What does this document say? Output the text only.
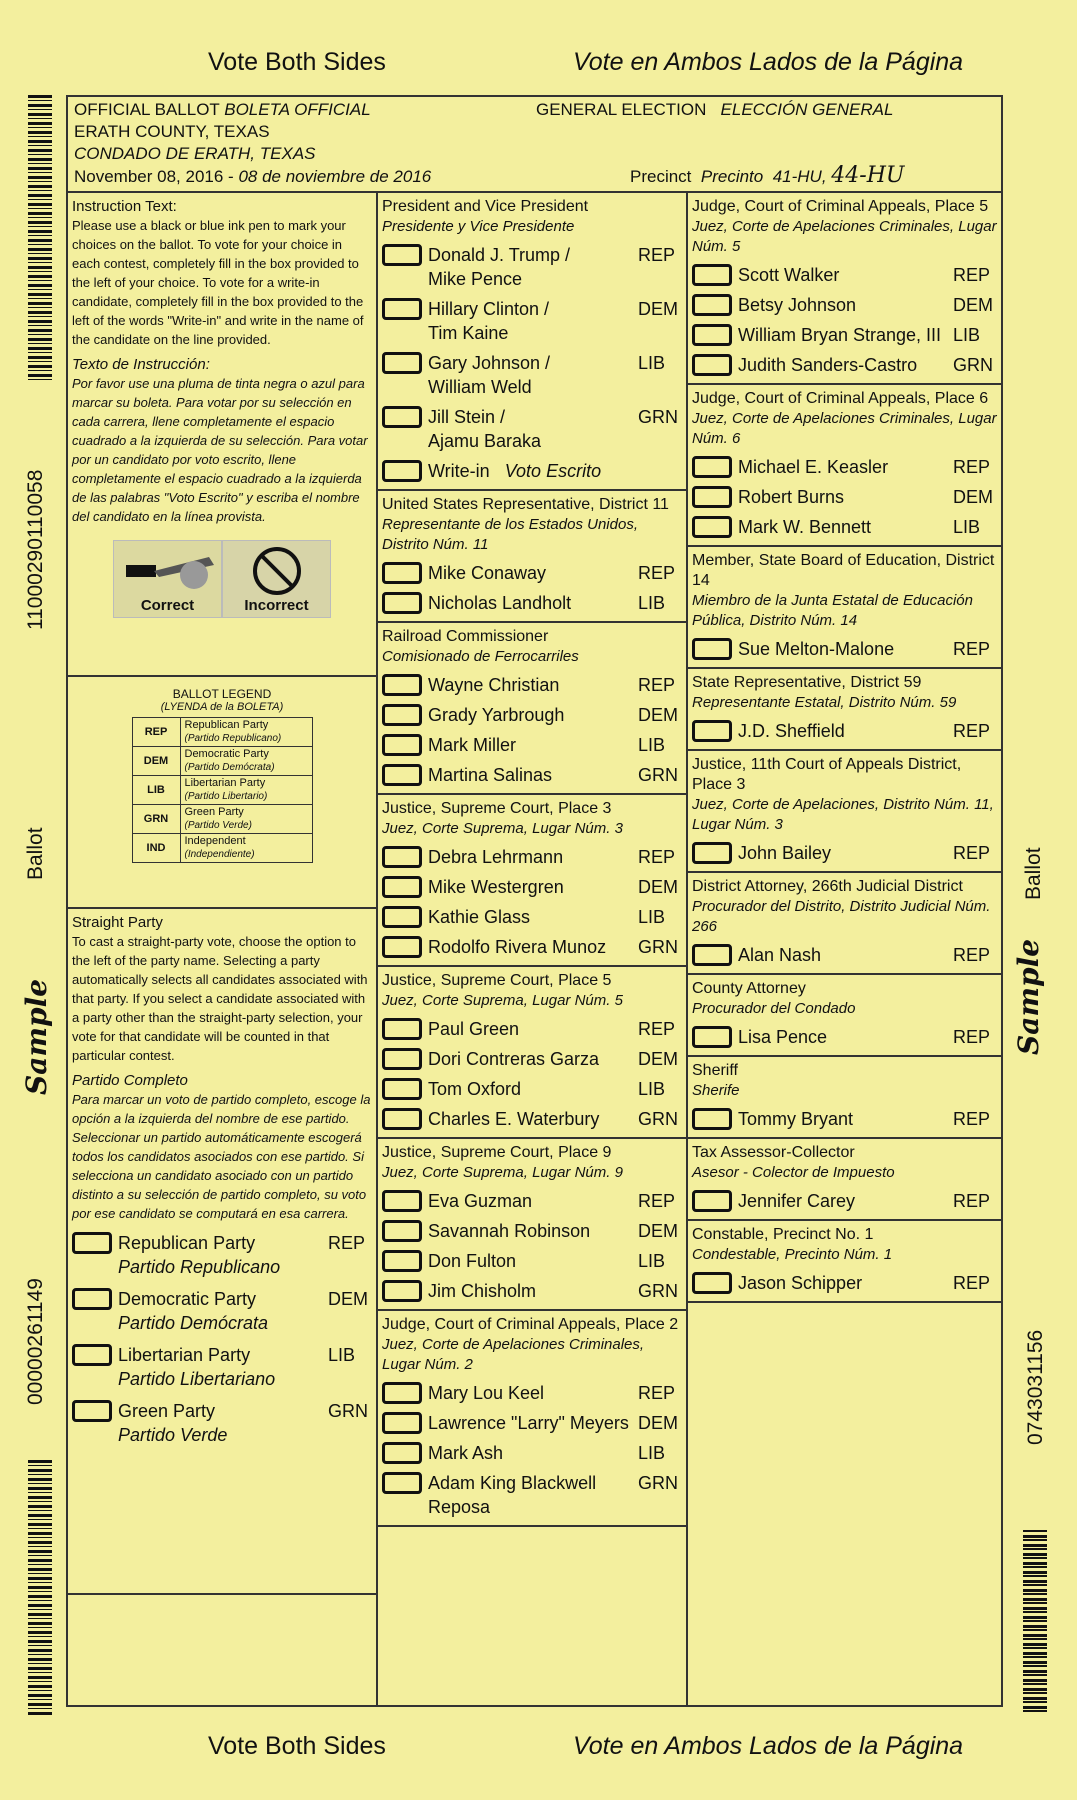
Vote Both Sides	Vote en Ambos Lados de la Página
11000290110058
Ballot
Sample
00000261149
Ballot
Sample
0743031156
OFFICIAL BALLOT BOLETA OFFICIAL	GENERAL ELECTION ELECCIÓN GENERAL
ERATH COUNTY, TEXAS
CONDADO DE ERATH, TEXAS
November 08, 2016 - 08 de noviembre de 2016	Precinct Precinto 41-HU, 44-HU
Instruction Text:
Please use a black or blue ink pen to mark your choices on the ballot. To vote for your choice in each contest, completely fill in the box provided to the left of your choice. To vote for a write-in candidate, completely fill in the box provided to the left of the words "Write-in" and write in the name of the candidate on the line provided.
Texto de Instrucción:
Por favor use una pluma de tinta negra o azul para marcar su boleta. Para votar por su selección en cada carrera, llene completamente el espacio cuadrado a la izquierda de su selección. Para votar por un candidato por voto escrito, llene completamente el espacio cuadrado a la izquierda de las palabras "Voto Escrito" y escriba el nombre del candidato en la línea provista.
Correct	Incorrect
BALLOT LEGEND
(LYENDA de la BOLETA)
REP	Republican Party
(Partido Republicano)

DEM	Democratic Party
(Partido Demócrata)

LIB	Libertarian Party
(Partido Libertario)

GRN	Green Party
(Partido Verde)

IND	Independent
(Independiente)
Straight Party
To cast a straight-party vote, choose the option to the left of the party name. Selecting a party automatically selects all candidates associated with that party. If you select a candidate associated with a party other than the straight-party selection, your vote for that candidate will be counted in that particular contest.
Partido Completo
Para marcar un voto de partido completo, escoge la opción a la izquierda del nombre de ese partido. Seleccionar un partido automáticamente escogerá todos los candidatos asociados con ese partido. Si selecciona un candidato asociado con un partido distinto a su selección de partido completo, su voto por ese candidato se computará en esa carrera.
Republican Party
Partido Republicano
REP
Democratic Party
Partido Demócrata
DEM
Libertarian Party
Partido Libertariano
LIB
Green Party
Partido Verde
GRN
President and Vice President
Presidente y Vice Presidente
Donald J. Trump /
Mike Pence
REP
Hillary Clinton /
Tim Kaine
DEM
Gary Johnson /
William Weld
LIB
Jill Stein /
Ajamu Baraka
GRN
Write-in Voto Escrito
United States Representative, District 11
Representante de los Estados Unidos, Distrito Núm. 11
Mike Conaway	REP
Nicholas Landholt	LIB
Railroad Commissioner
Comisionado de Ferrocarriles
Wayne Christian	REP
Grady Yarbrough	DEM
Mark Miller	LIB
Martina Salinas	GRN
Justice, Supreme Court, Place 3
Juez, Corte Suprema, Lugar Núm. 3
Debra Lehrmann	REP
Mike Westergren	DEM
Kathie Glass	LIB
Rodolfo Rivera Munoz	GRN
Justice, Supreme Court, Place 5
Juez, Corte Suprema, Lugar Núm. 5
Paul Green	REP
Dori Contreras Garza	DEM
Tom Oxford	LIB
Charles E. Waterbury	GRN
Justice, Supreme Court, Place 9
Juez, Corte Suprema, Lugar Núm. 9
Eva Guzman	REP
Savannah Robinson	DEM
Don Fulton	LIB
Jim Chisholm	GRN
Judge, Court of Criminal Appeals, Place 2
Juez, Corte de Apelaciones Criminales, Lugar Núm. 2
Mary Lou Keel	REP
Lawrence "Larry" Meyers DEM
Mark Ash	LIB
Adam King Blackwell
Reposa
GRN
Judge, Court of Criminal Appeals, Place 5
Juez, Corte de Apelaciones Criminales, Lugar Núm. 5
Scott Walker	REP
Betsy Johnson	DEM
William Bryan Strange, III LIB
Judith Sanders-Castro	GRN
Judge, Court of Criminal Appeals, Place 6
Juez, Corte de Apelaciones Criminales, Lugar Núm. 6
Michael E. Keasler	REP
Robert Burns	DEM
Mark W. Bennett	LIB
Member, State Board of Education, District 14
Miembro de la Junta Estatal de Educación Pública, Distrito Núm. 14
Sue Melton-Malone	REP
State Representative, District 59
Representante Estatal, Distrito Núm. 59
J.D. Sheffield	REP
Justice, 11th Court of Appeals District, Place 3
Juez, Corte de Apelaciones, Distrito Núm. 11, Lugar Núm. 3
John Bailey	REP
District Attorney, 266th Judicial District
Procurador del Distrito, Distrito Judicial Núm. 266
Alan Nash	REP
County Attorney
Procurador del Condado
Lisa Pence	REP
Sheriff
Sherife
Tommy Bryant	REP
Tax Assessor-Collector
Asesor - Colector de Impuesto
Jennifer Carey	REP
Constable, Precinct No. 1
Condestable, Precinto Núm. 1
Jason Schipper	REP
Vote Both Sides	Vote en Ambos Lados de la Página
